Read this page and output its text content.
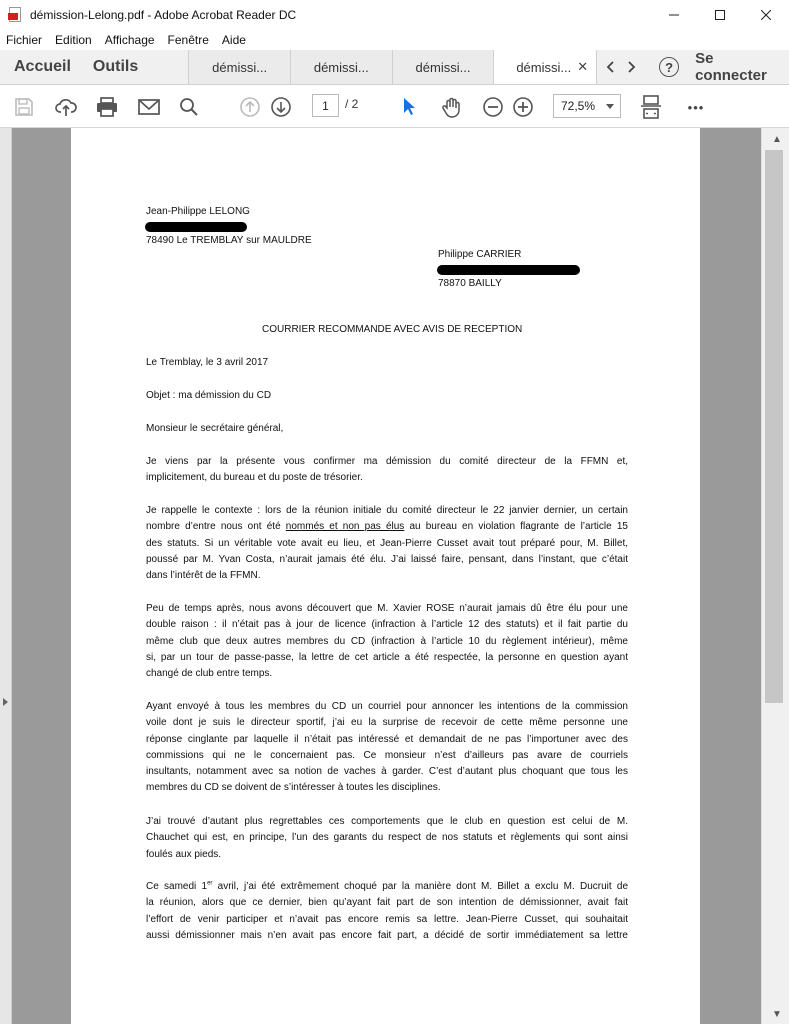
démission-Lelong.pdf - Adobe Acrobat Reader DC
Fichier Edition Affichage Fenêtre Aide
Accueil	Outils	démissi...	démissi...	démissi...	démissi... ✕	?	Se connecter
•••
1	/ 2	72,5%
▲
▼
Jean-Philippe LELONG
78490 Le TREMBLAY sur MAULDRE
Philippe CARRIER
78870 BAILLY
COURRIER RECOMMANDE AVEC AVIS DE RECEPTION
Le Tremblay, le 3 avril 2017
Objet : ma démission du CD
Monsieur le secrétaire général,
Je viens par la présente vous confirmer ma démission du comité directeur de la FFMN et,
implicitement, du bureau et du poste de trésorier.
Je rappelle le contexte : lors de la réunion initiale du comité directeur le 22 janvier dernier, un certain
nombre d’entre nous ont été nommés et non pas élus au bureau en violation flagrante de l’article 15
des statuts. Si un véritable vote avait eu lieu, et Jean-Pierre Cusset avait tout préparé pour, M. Billet,
poussé par M. Yvan Costa, n’aurait jamais été élu. J’ai laissé faire, pensant, dans l’instant, que c’était
dans l’intérêt de la FFMN.
Peu de temps après, nous avons découvert que M. Xavier ROSE n’aurait jamais dû être élu pour une
double raison : il n’était pas à jour de licence (infraction à l’article 12 des statuts) et il fait partie du
même club que deux autres membres du CD (infraction à l’article 10 du règlement intérieur), même
si, par un tour de passe-passe, la lettre de cet article a été respectée, la personne en question ayant
changé de club entre temps.
Ayant envoyé à tous les membres du CD un courriel pour annoncer les intentions de la commission
voile dont je suis le directeur sportif, j’ai eu la surprise de recevoir de cette même personne une
réponse cinglante par laquelle il n’était pas intéressé et demandait de ne pas l’importuner avec des
commissions qui ne le concernaient pas. Ce monsieur n’est d’ailleurs pas avare de courriels
insultants, notamment avec sa notion de vaches à garder. C’est d’autant plus choquant que tous les
membres du CD se doivent de s’intéresser à toutes les disciplines.
J’ai trouvé d’autant plus regrettables ces comportements que le club en question est celui de M.
Chauchet qui est, en principe, l’un des garants du respect de nos statuts et règlements qui sont ainsi
foulés aux pieds.
Ce samedi 1er avril, j’ai été extrêmement choqué par la manière dont M. Billet a exclu M. Ducruit de
la réunion, alors que ce dernier, bien qu’ayant fait part de son intention de démissionner, avait fait
l’effort de venir participer et n’avait pas encore remis sa lettre. Jean-Pierre Cusset, qui souhaitait
aussi démissionner mais n’en avait pas encore fait part, a décidé de sortir immédiatement sa lettre
